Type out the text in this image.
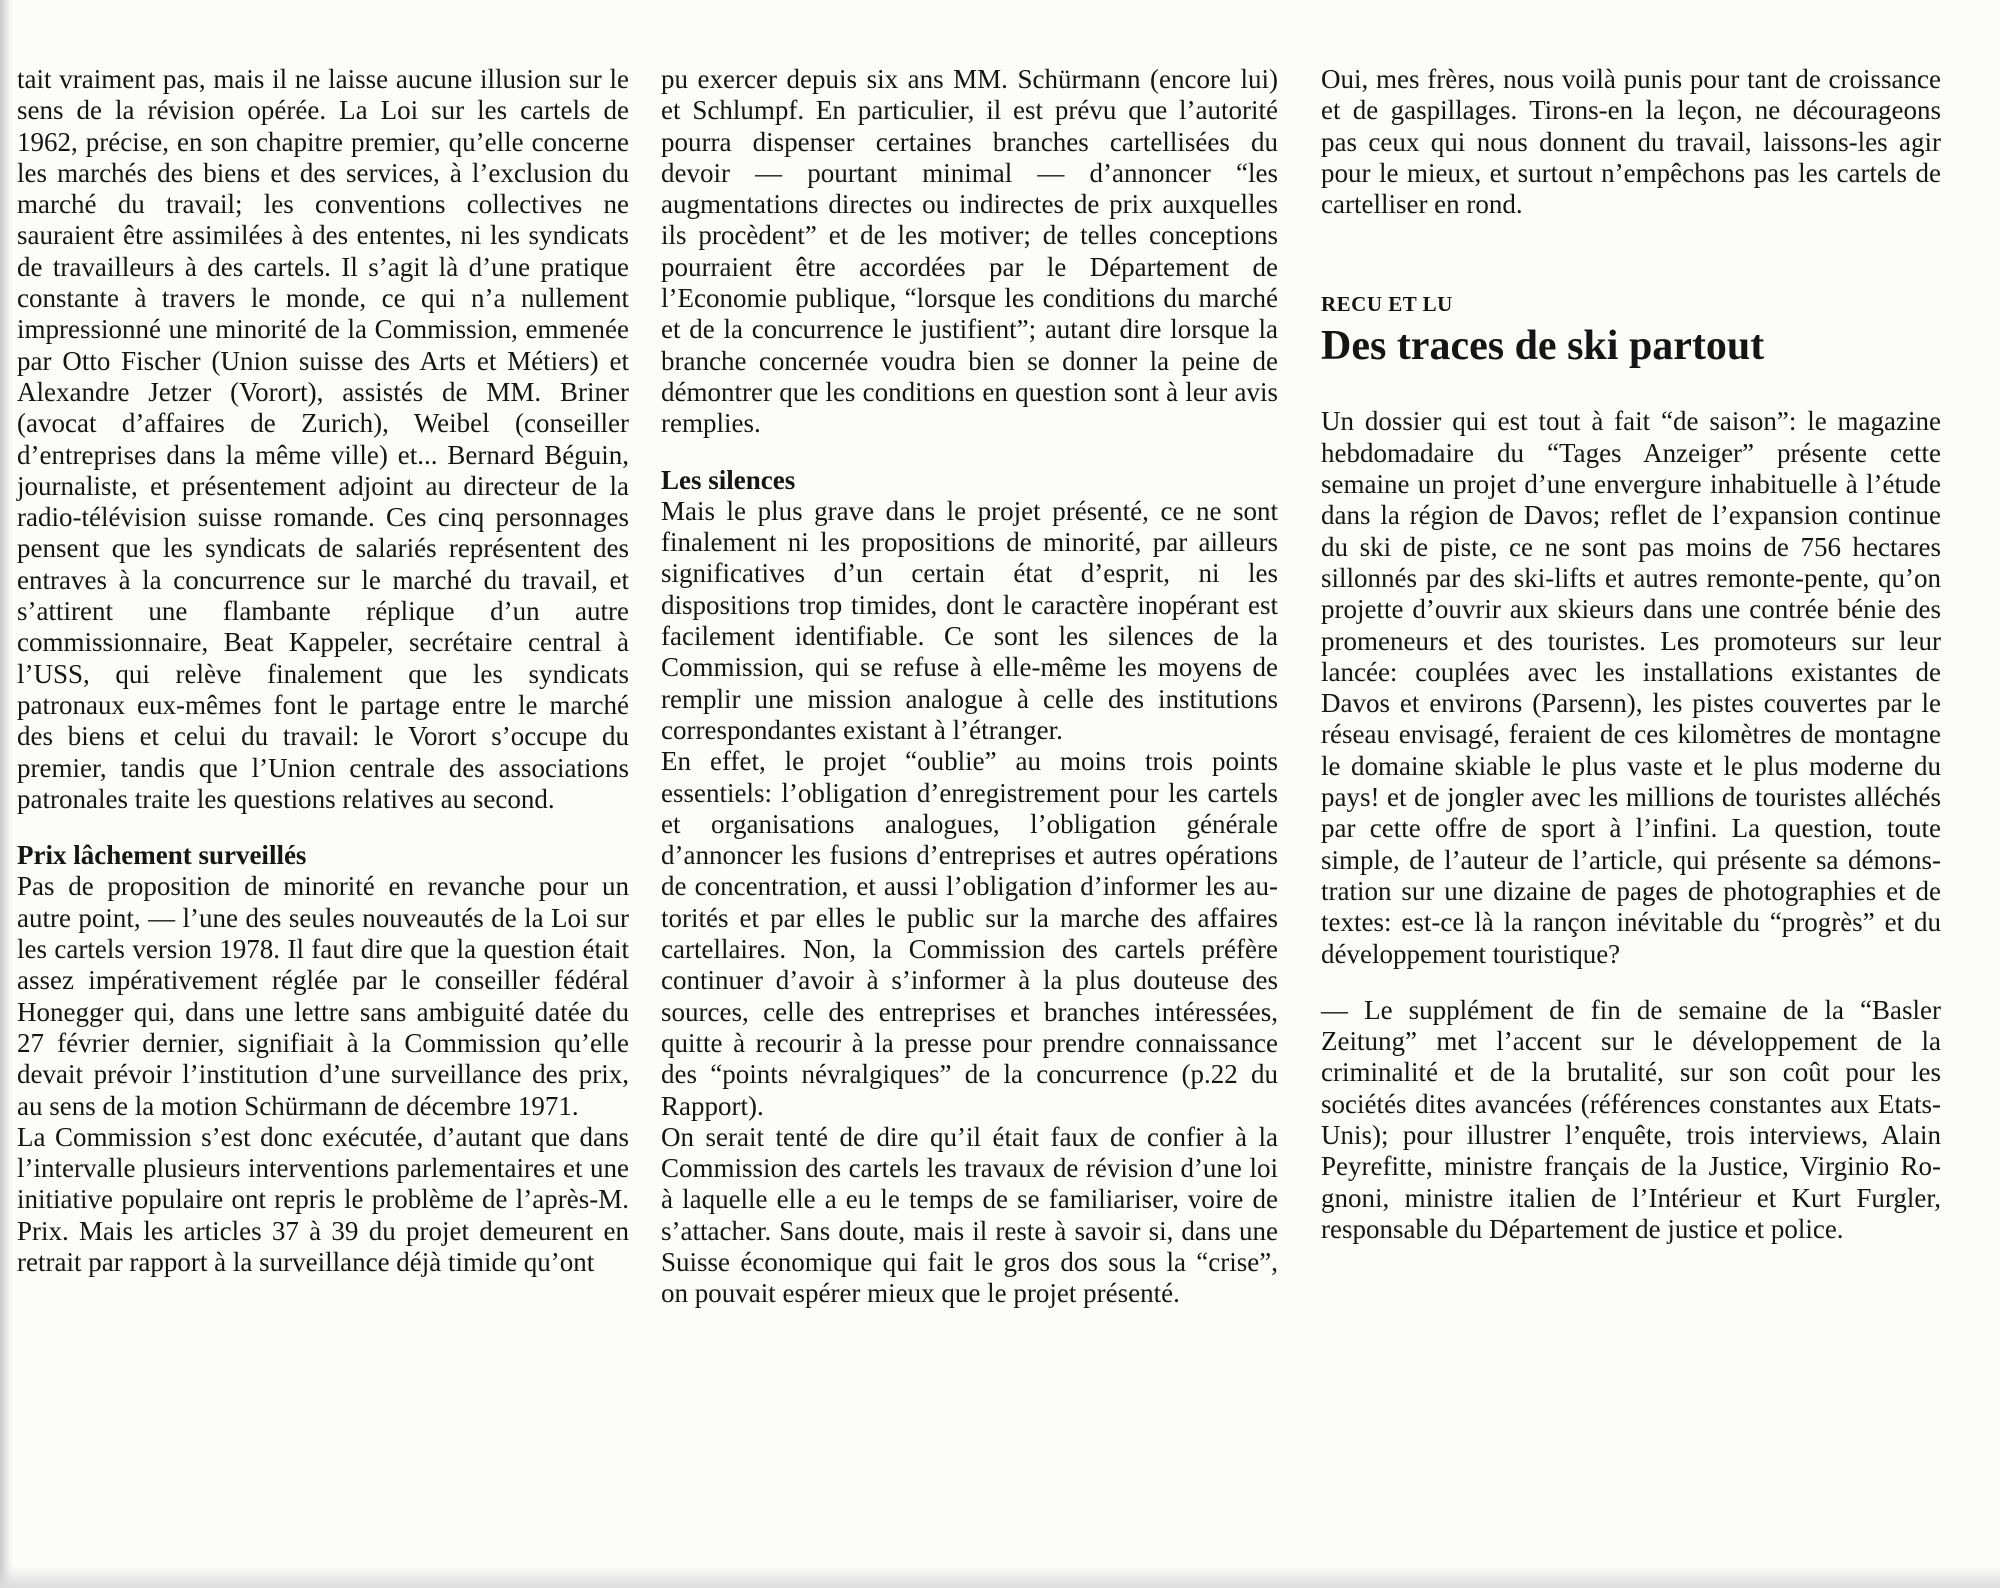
tait vraiment pas, mais il ne laisse aucune illusion sur le sens de la révision opérée. La Loi sur les cartels de 1962, précise, en son chapitre premier, qu’elle concerne les marchés des biens et des services, à l’exclusion du marché du travail; les conventions collectives ne sauraient être assimilées à des ententes, ni les syndicats de travailleurs à des cartels. Il s’agit là d’une pratique constante à travers le monde, ce qui n’a nullement impressionné une minorité de la Commission, emmenée par Otto Fischer (Union suisse des Arts et Métiers) et Alexandre Jetzer (Vorort), assistés de MM. Briner (avocat d’affaires de Zurich), Weibel (conseiller d’entreprises dans la même ville) et... Bernard Béguin, journaliste, et présentement adjoint au directeur de la radio-télévision suisse romande. Ces cinq personnages pensent que les syndicats de salariés représentent des entraves à la concurrence sur le marché du travail, et s’attirent une flambante réplique d’un autre commissionnaire, Beat Kappeler, secrétaire central à l’USS, qui relève finalement que les syndicats patronaux eux-mêmes font le partage entre le marché des biens et celui du travail: le Vorort s’occupe du premier, tandis que l’Union centrale des associations patronales traite les questions relatives au second.

Prix lâchement surveillés

Pas de proposition de minorité en revanche pour un autre point, — l’une des seules nouveautés de la Loi sur les cartels version 1978. Il faut dire que la question était assez impérativement réglée par le conseiller fédéral Honegger qui, dans une lettre sans ambiguité datée du 27 février dernier, signifiait à la Commission qu’elle devait prévoir l’institution d’une surveillance des prix, au sens de la motion Schürmann de décembre 1971.

La Commission s’est donc exécutée, d’autant que dans l’intervalle plusieurs interventions parlementaires et une initiative populaire ont repris le problème de l’après-M. Prix. Mais les articles 37 à 39 du projet demeurent en retrait par rapport à la surveillance déjà timide qu’ont

pu exercer depuis six ans MM. Schürmann (encore lui) et Schlumpf. En particulier, il est prévu que l’autorité pourra dispenser certaines branches cartellisées du devoir — pourtant minimal — d’annoncer “les augmentations directes ou indirectes de prix auxquelles ils procèdent” et de les motiver; de telles conceptions pourraient être accordées par le Département de l’Economie publique, “lorsque les conditions du marché et de la concurrence le justifient”; autant dire lorsque la branche concernée voudra bien se donner la peine de démontrer que les conditions en question sont à leur avis remplies.

Les silences

Mais le plus grave dans le projet présenté, ce ne sont finalement ni les propositions de minorité, par ailleurs significatives d’un certain état d’esprit, ni les dispositions trop timides, dont le caractère inopérant est facilement identifiable. Ce sont les silences de la Commission, qui se refuse à elle-même les moyens de remplir une mission analogue à celle des institutions correspondantes existant à l’étranger.

En effet, le projet “oublie” au moins trois points essentiels: l’obligation d’enregistrement pour les cartels et organisations analogues, l’obligation générale d’annoncer les fusions d’entreprises et autres opérations de concentration, et aussi l’obligation d’informer les autorités et par elles le public sur la marche des affaires cartellaires. Non, la Commission des cartels préfère continuer d’avoir à s’informer à la plus douteuse des sources, celle des entreprises et branches intéressées, quitte à recourir à la presse pour prendre connaissance des “points névralgiques” de la concurrence (p.22 du Rapport).

On serait tenté de dire qu’il était faux de confier à la Commission des cartels les travaux de révision d’une loi à laquelle elle a eu le temps de se familiariser, voire de s’attacher. Sans doute, mais il reste à savoir si, dans une Suisse économique qui fait le gros dos sous la “crise”, on pouvait espérer mieux que le projet présenté.

Oui, mes frères, nous voilà punis pour tant de croissance et de gaspillages. Tirons-en la leçon, ne décourageons pas ceux qui nous donnent du travail, laissons-les agir pour le mieux, et surtout n’empêchons pas les cartels de cartelliser en rond.

RECU ET LU
Des traces de ski partout

Un dossier qui est tout à fait “de saison”: le magazine hebdomadaire du “Tages Anzeiger” présente cette semaine un projet d’une envergure inhabituelle à l’étude dans la région de Davos; reflet de l’expansion continue du ski de piste, ce ne sont pas moins de 756 hectares sillonnés par des ski-lifts et autres remonte-pente, qu’on projette d’ouvrir aux skieurs dans une contrée bénie des promeneurs et des touristes. Les promoteurs sur leur lancée: couplées avec les installations existantes de Davos et environs (Parsenn), les pistes couvertes par le réseau envisagé, feraient de ces kilomètres de montagne le domaine skiable le plus vaste et le plus moderne du pays! et de jongler avec les millions de touristes alléchés par cette offre de sport à l’infini. La question, toute simple, de l’auteur de l’article, qui présente sa démonstration sur une dizaine de pages de photographies et de textes: est-ce là la rançon inévitable du “progrès” et du développement touristique?

— Le supplément de fin de semaine de la “Basler Zeitung” met l’accent sur le développement de la criminalité et de la brutalité, sur son coût pour les sociétés dites avancées (références constantes aux Etats-Unis); pour illustrer l’enquête, trois interviews, Alain Peyrefitte, ministre français de la Justice, Virginio Rognoni, ministre italien de l’Intérieur et Kurt Furgler, responsable du Département de justice et police.
